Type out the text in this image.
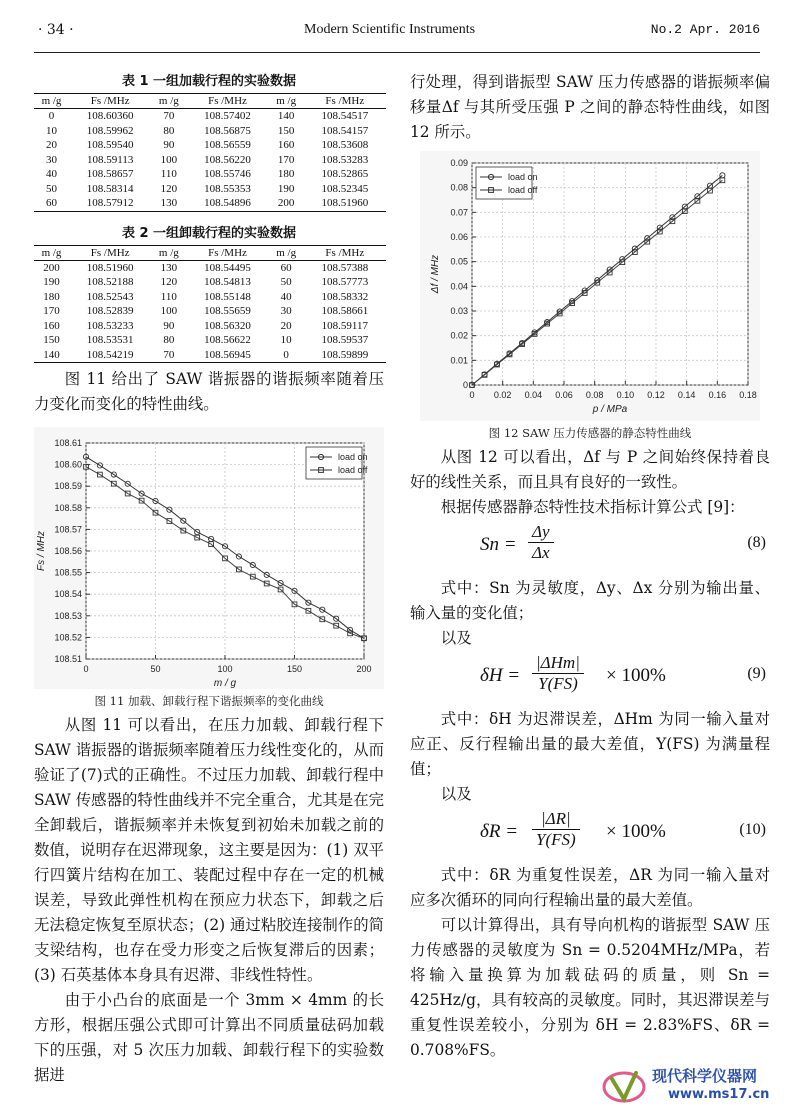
· 34 ·	Modern Scientific Instruments	No.2 Apr. 2016
表 1 一组加载行程的实验数据
m /g	Fs /MHz	m /g	Fs /MHz	m /g	Fs /MHz
0	108.60360	70	108.57402	140	108.54517
10	108.59962	80	108.56875	150	108.54157
20	108.59540	90	108.56559	160	108.53608
30	108.59113	100	108.56220	170	108.53283
40	108.58657	110	108.55746	180	108.52865
50	108.58314	120	108.55353	190	108.52345
60	108.57912	130	108.54896	200	108.51960
表 2 一组卸载行程的实验数据
m /g	Fs /MHz	m /g	Fs /MHz	m /g	Fs /MHz
200	108.51960	130	108.54495	60	108.57388
190	108.52188	120	108.54813	50	108.57773
180	108.52543	110	108.55148	40	108.58332
170	108.52839	100	108.55659	30	108.58661
160	108.53233	90	108.56320	20	108.59117
150	108.53531	80	108.56622	10	108.59537
140	108.54219	70	108.56945	0	108.59899

图 11 给出了 SAW 谐振器的谐振频率随着压力变化而变化的特性曲线。

0	50	100	150	200
108.51
108.52
108.53
108.54
108.55
108.56
108.57
108.58
108.59
108.60
108.61
m / g
Fs / MHz
load on
load off
图 11 加载、卸载行程下谐振频率的变化曲线

从图 11 可以看出，在压力加载、卸载行程下 SAW 谐振器的谐振频率随着压力线性变化的，从而验证了(7)式的正确性。不过压力加载、卸载行程中 SAW 传感器的特性曲线并不完全重合，尤其是在完全卸载后，谐振频率并未恢复到初始未加载之前的数值，说明存在迟滞现象，这主要是因为：(1) 双平行四簧片结构在加工、装配过程中存在一定的机械误差，导致此弹性机构在预应力状态下，卸载之后无法稳定恢复至原状态；(2) 通过粘胶连接制作的简支梁结构，也存在受力形变之后恢复滞后的因素；(3) 石英基体本身具有迟滞、非线性特性。

由于小凸台的底面是一个 3mm × 4mm 的长方形，根据压强公式即可计算出不同质量砝码加载下的压强，对 5 次压力加载、卸载行程下的实验数据进

行处理，得到谐振型 SAW 压力传感器的谐振频率偏移量Δf 与其所受压强 P 之间的静态特性曲线，如图 12 所示。

0 0.02 0.04 0.06 0.08 0.10 0.12 0.14 0.16 0.18
0
0.01
0.02
0.03
0.04
0.05
0.06
0.07
0.08
0.09
p / MPa
Δf / MHz
load on
load off
图 12 SAW 压力传感器的静态特性曲线

从图 12 可以看出，Δf 与 P 之间始终保持着良好的线性关系，而且具有良好的一致性。

根据传感器静态特性技术指标计算公式 [9]：

$Sn = \frac{\Delta y}{\Delta x}$	(8)

式中：Sn 为灵敏度，Δy、Δx 分别为输出量、输入量的变化值；

以及

δH =
|ΔHm|
Y(FS)	× 100%	(9)

式中：δH 为迟滞误差，ΔHm 为同一输入量对应正、反行程输出量的最大差值，Y(FS) 为满量程值；

以及

$\delta R = \frac{|\Delta R|}{Y(FS)} \times 100\%$	(10)

式中：δR 为重复性误差，ΔR 为同一输入量对应多次循环的同向行程输出量的最大差值。

可以计算得出，具有导向机构的谐振型 SAW 压力传感器的灵敏度为 Sn = 0.5204MHz/MPa，若将输入量换算为加载砝码的质量，则 Sn = 425Hz/g，具有较高的灵敏度。同时，其迟滞误差与重复性误差较小，分别为 δH = 2.83%FS、δR = 0.708%FS。

现代科学仪器网
www.ms17.cn
